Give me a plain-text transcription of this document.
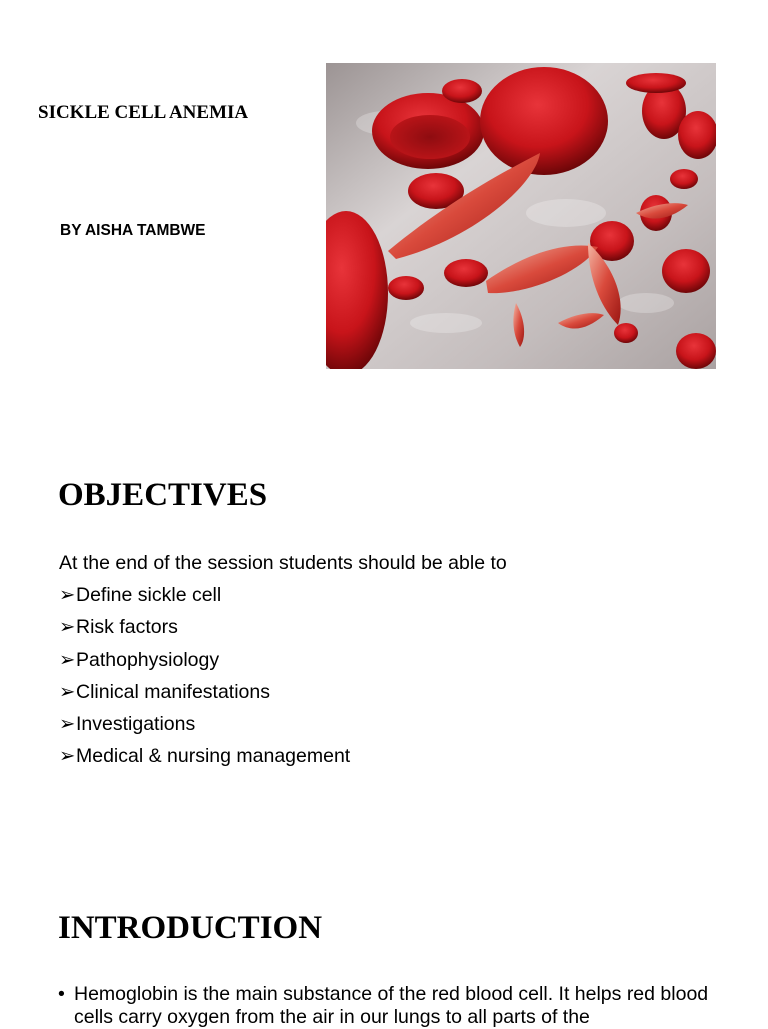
SICKLE CELL ANEMIA
BY AISHA TAMBWE
OBJECTIVES
At the end of the session students should be able to
➢Define sickle cell
➢Risk factors
➢Pathophysiology
➢Clinical manifestations
➢Investigations
➢Medical & nursing management
INTRODUCTION
• Hemoglobin is the main substance of the red blood cell. It helps red blood cells carry oxygen from the air in our lungs to all parts of the
